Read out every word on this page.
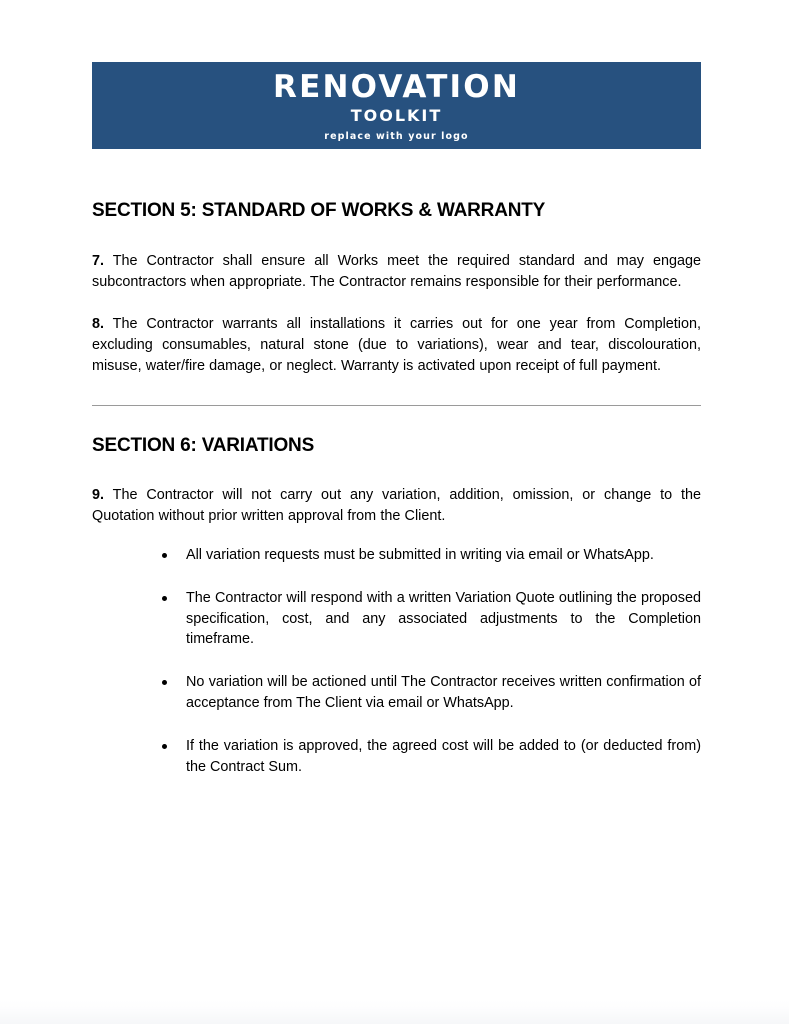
RENOVATION
TOOLKIT
replace with your logo
SECTION 5: STANDARD OF WORKS & WARRANTY

7. The Contractor shall ensure all Works meet the required standard and may engage subcontractors when appropriate. The Contractor remains responsible for their performance.

8. The Contractor warrants all installations it carries out for one year from Completion, excluding consumables, natural stone (due to variations), wear and tear, discolouration, misuse, water/fire damage, or neglect. Warranty is activated upon receipt of full payment.

SECTION 6: VARIATIONS

9. The Contractor will not carry out any variation, addition, omission, or change to the Quotation without prior written approval from the Client.

All variation requests must be submitted in writing via email or WhatsApp.
The Contractor will respond with a written Variation Quote outlining the proposed specification, cost, and any associated adjustments to the Completion timeframe.
No variation will be actioned until The Contractor receives written confirmation of acceptance from The Client via email or WhatsApp.
If the variation is approved, the agreed cost will be added to (or deducted from) the Contract Sum.
